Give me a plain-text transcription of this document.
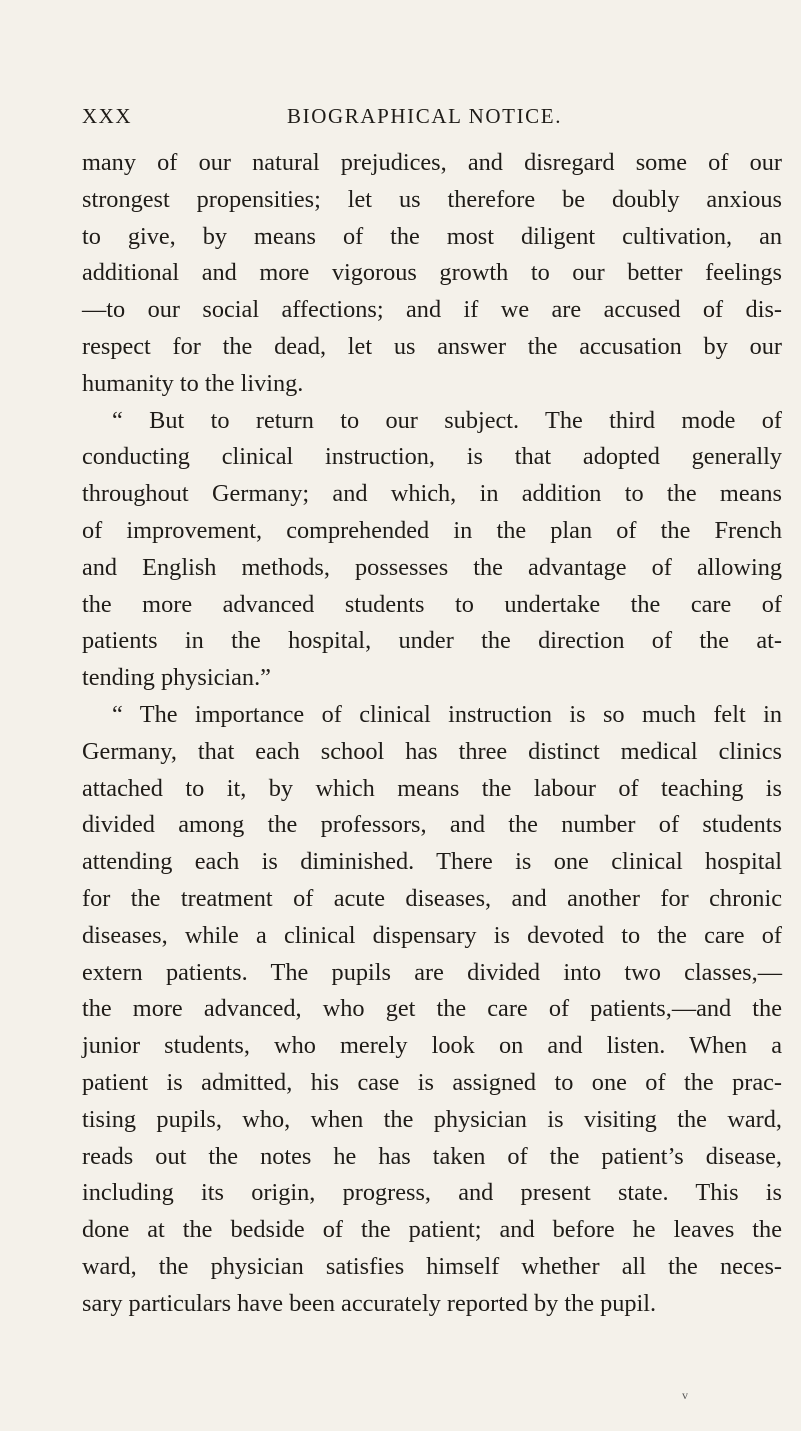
XXX	BIOGRAPHICAL NOTICE.
many of our natural prejudices, and disregard some of our
strongest propensities; let us therefore be doubly anxious
to give, by means of the most diligent cultivation, an
additional and more vigorous growth to our better feelings
—to our social affections; and if we are accused of dis-
respect for the dead, let us answer the accusation by our
humanity to the living.
“ But to return to our subject. The third mode of
conducting clinical instruction, is that adopted generally
throughout Germany; and which, in addition to the means
of improvement, comprehended in the plan of the French
and English methods, possesses the advantage of allowing
the more advanced students to undertake the care of
patients in the hospital, under the direction of the at-
tending physician.”
“ The importance of clinical instruction is so much felt in
Germany, that each school has three distinct medical clinics
attached to it, by which means the labour of teaching is
divided among the professors, and the number of students
attending each is diminished. There is one clinical hospital
for the treatment of acute diseases, and another for chronic
diseases, while a clinical dispensary is devoted to the care of
extern patients. The pupils are divided into two classes,—
the more advanced, who get the care of patients,—and the
junior students, who merely look on and listen. When a
patient is admitted, his case is assigned to one of the prac-
tising pupils, who, when the physician is visiting the ward,
reads out the notes he has taken of the patient’s disease,
including its origin, progress, and present state. This is
done at the bedside of the patient; and before he leaves the
ward, the physician satisfies himself whether all the neces-
sary particulars have been accurately reported by the pupil.
v
